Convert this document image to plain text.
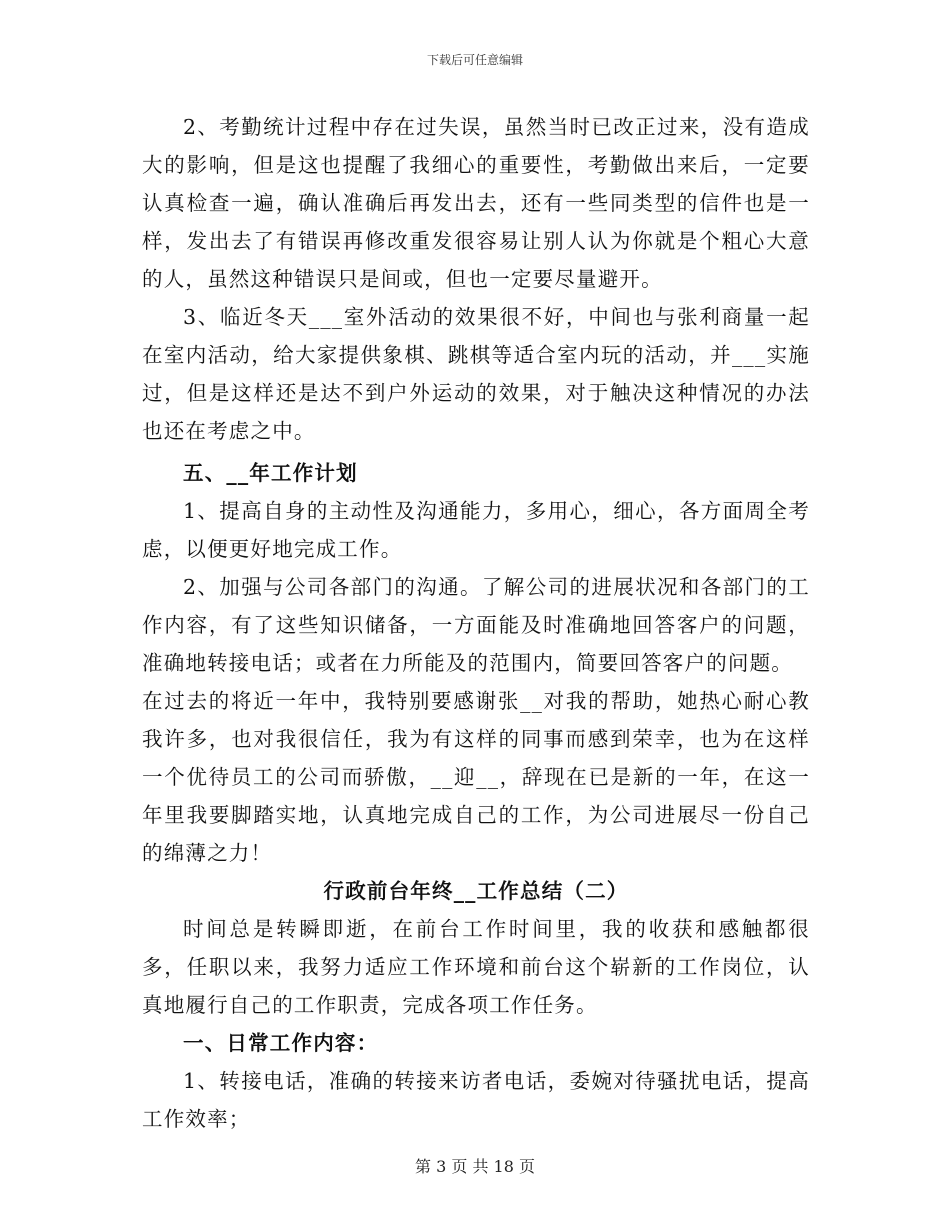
下载后可任意编辑

2、考勤统计过程中存在过失误，虽然当时已改正过来，没有造成大的影响，但是这也提醒了我细心的重要性，考勤做出来后，一定要认真检查一遍，确认准确后再发出去，还有一些同类型的信件也是一样，发出去了有错误再修改重发很容易让别人认为你就是个粗心大意的人，虽然这种错误只是间或，但也一定要尽量避开。

3、临近冬天___室外活动的效果很不好，中间也与张利商量一起在室内活动，给大家提供象棋、跳棋等适合室内玩的活动，并___实施过，但是这样还是达不到户外运动的效果，对于触决这种情况的办法也还在考虑之中。

五、__年工作计划

1、提高自身的主动性及沟通能力，多用心，细心，各方面周全考虑，以便更好地完成工作。

2、加强与公司各部门的沟通。了解公司的进展状况和各部门的工作内容，有了这些知识储备，一方面能及时准确地回答客户的问题，准确地转接电话；或者在力所能及的范围内，简要回答客户的问题。

在过去的将近一年中，我特别要感谢张__对我的帮助，她热心耐心教我许多，也对我很信任，我为有这样的同事而感到荣幸，也为在这样一个优待员工的公司而骄傲，__迎__，辞现在已是新的一年，在这一年里我要脚踏实地，认真地完成自己的工作，为公司进展尽一份自己的绵薄之力！

行政前台年终__工作总结（二）

时间总是转瞬即逝，在前台工作时间里，我的收获和感触都很多，任职以来，我努力适应工作环境和前台这个崭新的工作岗位，认真地履行自己的工作职责，完成各项工作任务。

一、日常工作内容：

1、转接电话，准确的转接来访者电话，委婉对待骚扰电话，提高工作效率；

第 3 页 共 18 页
